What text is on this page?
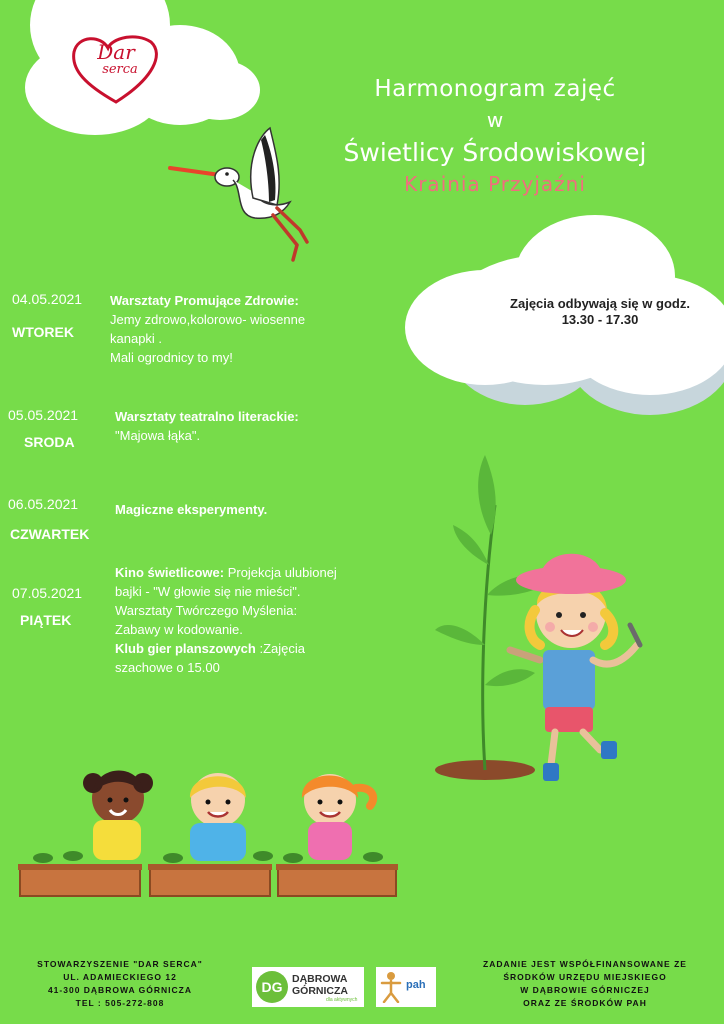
Dar
serca
Harmonogram zajęć
w
Świetlicy Środowiskowej
Krainia Przyjaźni
Zajęcia odbywają się w godz.
13.30 - 17.30
04.05.2021
WTOREK
Warsztaty Promujące Zdrowie:
Jemy zdrowo,kolorowo- wiosenne
kanapki .
Mali ogrodnicy to my!
05.05.2021
SRODA
Warsztaty teatralno literackie:
"Majowa łąka".
06.05.2021
CZWARTEK
Magiczne eksperymenty.
07.05.2021
PIĄTEK
Kino świetlicowe: Projekcja ulubionej
bajki - "W głowie się nie mieści".
Warsztaty Twórczego Myślenia:
Zabawy w kodowanie.
Klub gier planszowych :Zajęcia
szachowe o 15.00
STOWARZYSZENIE "DAR SERCA"
UL. ADAMIECKIEGO 12
41-300 DĄBROWA GÓRNICZA
TEL : 505-272-808
DG DĄBROWA
GÓRNICZA
dla aktywnych
pah
ZADANIE JEST WSPÓŁFINANSOWANE ZE
ŚRODKÓW URZĘDU MIEJSKIEGO
W DĄBROWIE GÓRNICZEJ
ORAZ ZE ŚRODKÓW PAH
